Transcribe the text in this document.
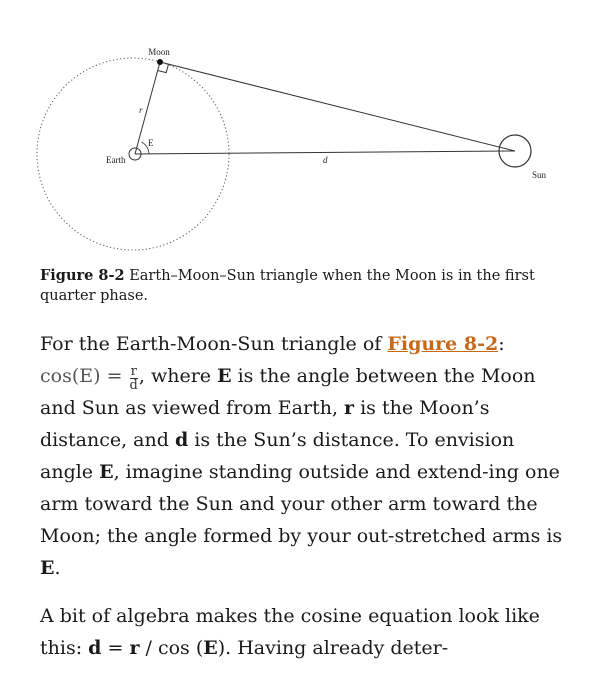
Moon
Earth
Sun
r
d
E
Figure 8-2 Earth–Moon–Sun triangle when the Moon is in the first quarter phase.
For the Earth-Moon-Sun triangle of Figure 8-2: $\cos(E) = \frac{r}{d}$ , where E is the angle between the Moon and Sun as viewed from Earth, r is the Moon’s distance, and d is the Sun’s distance. To envision angle E, imagine standing outside and extend-ing one arm toward the Sun and your other arm toward the Moon; the angle formed by your out-stretched arms is E.
A bit of algebra makes the cosine equation look like this: d = r / cos (E). Having already deter-
